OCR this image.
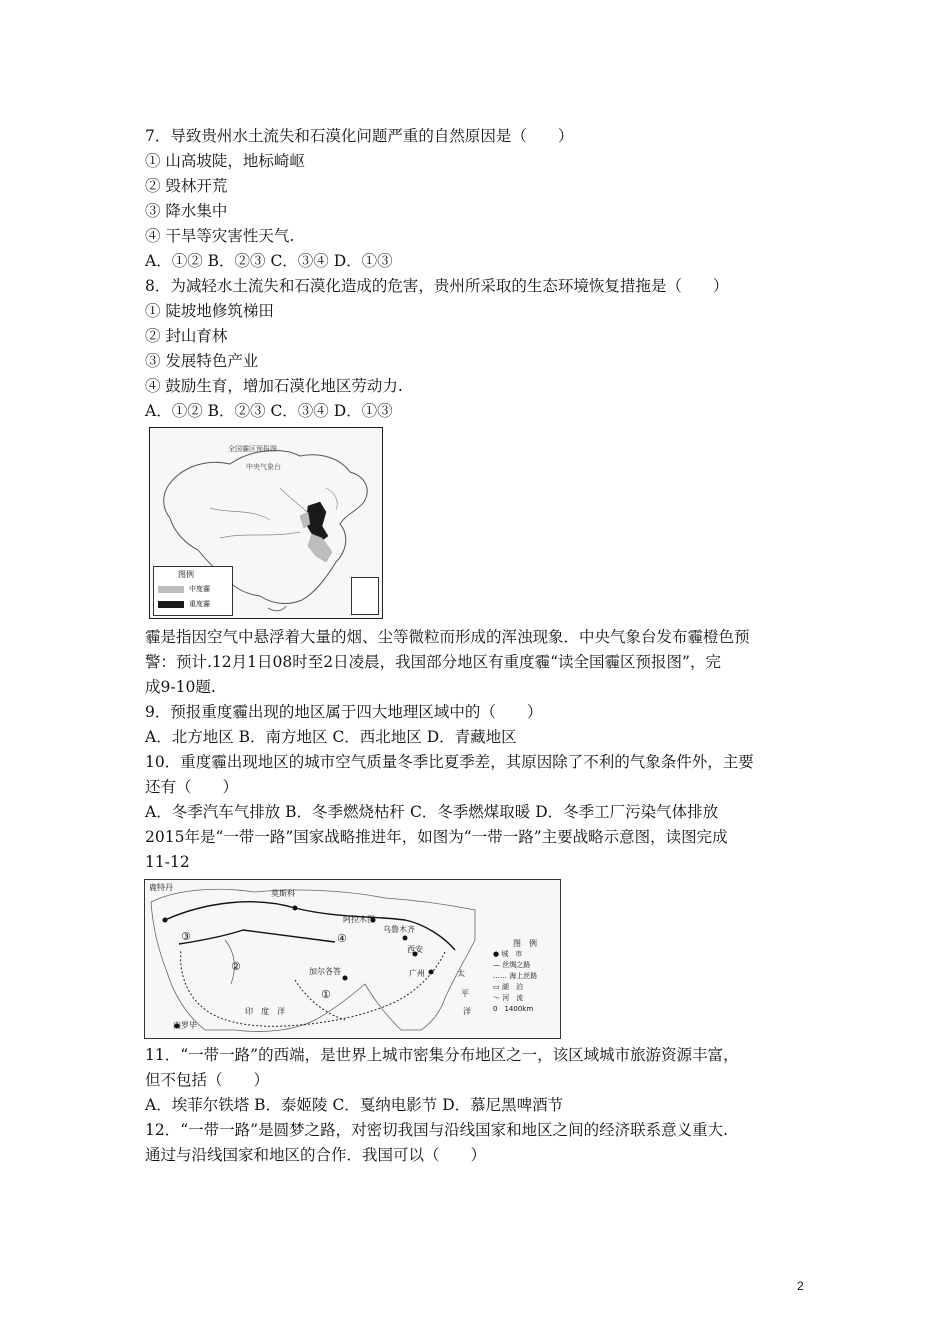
7．导致贵州水土流失和石漠化问题严重的自然原因是（　　）
① 山高坡陡，地标崎岖
② 毁林开荒
③ 降水集中
④ 干旱等灾害性天气.
A．①② B．②③ C．③④ D．①③
8．为减轻水土流失和石漠化造成的危害，贵州所采取的生态环境恢复措拖是（　　）
① 陡坡地修筑梯田
② 封山育林
③ 发展特色产业
④ 鼓励生育，增加石漠化地区劳动力.
A．①② B．②③ C．③④ D．①③
全国霾区预报图
中央气象台
图例
中度霾
重度霾
霾是指因空气中悬浮着大量的烟、尘等微粒而形成的浑浊现象．中央气象台发布霾橙色预
警：预计.12月1日08时至2日凌晨，我国部分地区有重度霾“读全国霾区预报图”，完
成9-10题.
9．预报重度霾出现的地区属于四大地理区域中的（　　）
A．北方地区 B．南方地区 C．西北地区 D．青藏地区
10．重度霾出现地区的城市空气质量冬季比夏季差，其原因除了不利的气象条件外，主要
还有（　　）
A．冬季汽车气排放 B．冬季燃烧枯秆 C．冬季燃煤取暖 D．冬季工厂污染气体排放
2015年是“一带一路”国家战略推进年，如图为“一带一路”主要战略示意图，读图完成
11-12
鹿特丹
莫斯科
阿拉木图
乌鲁木齐
西安
广州
加尔各答
内罗毕
印　度　洋
太
平
洋
①
②
③	④	图　例
● 城　市
— 丝绸之路
…… 海上丝路
▭ 湖　泊
〜 河　流
0　1400km
11．“一带一路”的西端，是世界上城市密集分布地区之一，该区域城市旅游资源丰富，
但不包括（　　）
A．埃菲尔铁塔 B．泰姬陵 C．戛纳电影节 D．慕尼黑啤酒节
12．“一带一路”是圆梦之路，对密切我国与沿线国家和地区之间的经济联系意义重大.
通过与沿线国家和地区的合作．我国可以（　　）
2
